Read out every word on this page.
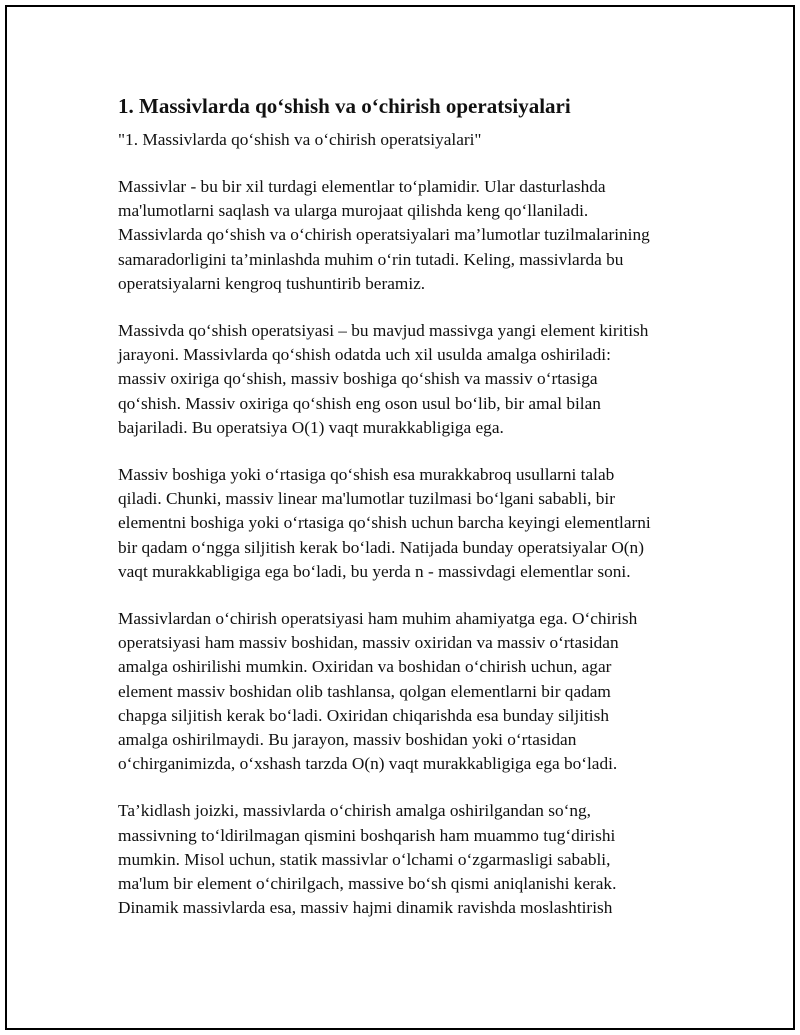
1. Massivlarda qo‘shish va o‘chirish operatsiyalari
"1. Massivlarda qo‘shish va o‘chirish operatsiyalari"

Massivlar - bu bir xil turdagi elementlar to‘plamidir. Ular dasturlashda
ma'lumotlarni saqlash va ularga murojaat qilishda keng qo‘llaniladi.
Massivlarda qo‘shish va o‘chirish operatsiyalari ma’lumotlar tuzilmalarining
samaradorligini ta’minlashda muhim o‘rin tutadi. Keling, massivlarda bu
operatsiyalarni kengroq tushuntirib beramiz.

Massivda qo‘shish operatsiyasi – bu mavjud massivga yangi element kiritish
jarayoni. Massivlarda qo‘shish odatda uch xil usulda amalga oshiriladi:
massiv oxiriga qo‘shish, massiv boshiga qo‘shish va massiv o‘rtasiga
qo‘shish. Massiv oxiriga qo‘shish eng oson usul bo‘lib, bir amal bilan
bajariladi. Bu operatsiya O(1) vaqt murakkabligiga ega.

Massiv boshiga yoki o‘rtasiga qo‘shish esa murakkabroq usullarni talab
qiladi. Chunki, massiv linear ma'lumotlar tuzilmasi bo‘lgani sababli, bir
elementni boshiga yoki o‘rtasiga qo‘shish uchun barcha keyingi elementlarni
bir qadam o‘ngga siljitish kerak bo‘ladi. Natijada bunday operatsiyalar O(n)
vaqt murakkabligiga ega bo‘ladi, bu yerda n - massivdagi elementlar soni.

Massivlardan o‘chirish operatsiyasi ham muhim ahamiyatga ega. O‘chirish
operatsiyasi ham massiv boshidan, massiv oxiridan va massiv o‘rtasidan
amalga oshirilishi mumkin. Oxiridan va boshidan o‘chirish uchun, agar
element massiv boshidan olib tashlansa, qolgan elementlarni bir qadam
chapga siljitish kerak bo‘ladi. Oxiridan chiqarishda esa bunday siljitish
amalga oshirilmaydi. Bu jarayon, massiv boshidan yoki o‘rtasidan
o‘chirganimizda, o‘xshash tarzda O(n) vaqt murakkabligiga ega bo‘ladi.

Ta’kidlash joizki, massivlarda o‘chirish amalga oshirilgandan so‘ng,
massivning to‘ldirilmagan qismini boshqarish ham muammo tug‘dirishi
mumkin. Misol uchun, statik massivlar o‘lchami o‘zgarmasligi sababli,
ma'lum bir element o‘chirilgach, massive bo‘sh qismi aniqlanishi kerak.
Dinamik massivlarda esa, massiv hajmi dinamik ravishda moslashtirish
